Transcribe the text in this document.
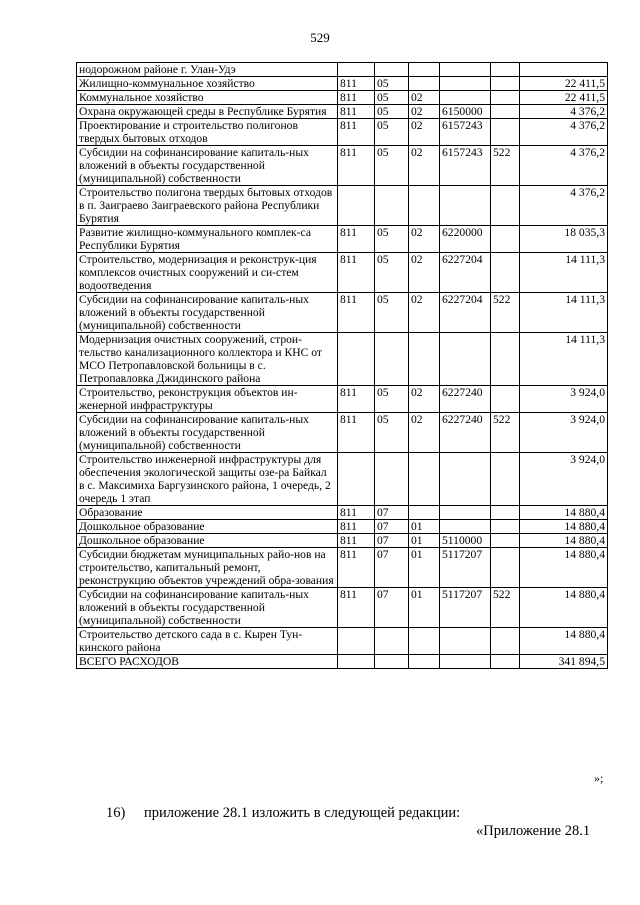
529
нодорожном районе г. Улан-Удэ						
Жилищно-коммунальное хозяйство	811	05				22 411,5
Коммунальное хозяйство	811	05	02			22 411,5
Охрана окружающей среды в Республике Бурятия	811	05	02	6150000		4 376,2
Проектирование и строительство полигонов твердых бытовых отходов	811	05	02	6157243		4 376,2
Субсидии на софинансирование капиталь-ных вложений в объекты государственной (муниципальной) собственности	811	05	02	6157243	522	4 376,2
Строительство полигона твердых бытовых отходов в п. Заиграево Заиграевского района Республики Бурятия						4 376,2
Развитие жилищно-коммунального комплек-са Республики Бурятия	811	05	02	6220000		18 035,3
Строительство, модернизация и реконструк-ция комплексов очистных сооружений и си-стем водоотведения	811	05	02	6227204		14 111,3
Субсидии на софинансирование капиталь-ных вложений в объекты государственной (муниципальной) собственности	811	05	02	6227204	522	14 111,3
Модернизация очистных сооружений, строи-тельство канализационного коллектора и КНС от МСО Петропавловской больницы в с. Петропавловка Джидинского района						14 111,3
Строительство, реконструкция объектов ин-женерной инфраструктуры	811	05	02	6227240		3 924,0
Субсидии на софинансирование капиталь-ных вложений в объекты государственной (муниципальной) собственности	811	05	02	6227240	522	3 924,0
Строительство инженерной инфраструктуры для обеспечения экологической защиты озе-ра Байкал в с. Максимиха Баргузинского района, 1 очередь, 2 очередь 1 этап						3 924,0
Образование	811	07				14 880,4
Дошкольное образование	811	07	01			14 880,4
Дошкольное образование	811	07	01	5110000		14 880,4
Субсидии бюджетам муниципальных райо-нов на строительство, капитальный ремонт, реконструкцию объектов учреждений обра-зования	811	07	01	5117207		14 880,4
Субсидии на софинансирование капиталь-ных вложений в объекты государственной (муниципальной) собственности	811	07	01	5117207	522	14 880,4
Строительство детского сада в с. Кырен Тун-кинского района						14 880,4
ВСЕГО РАСХОДОВ						341 894,5
»;
16) приложение 28.1 изложить в следующей редакции:
«Приложение 28.1
